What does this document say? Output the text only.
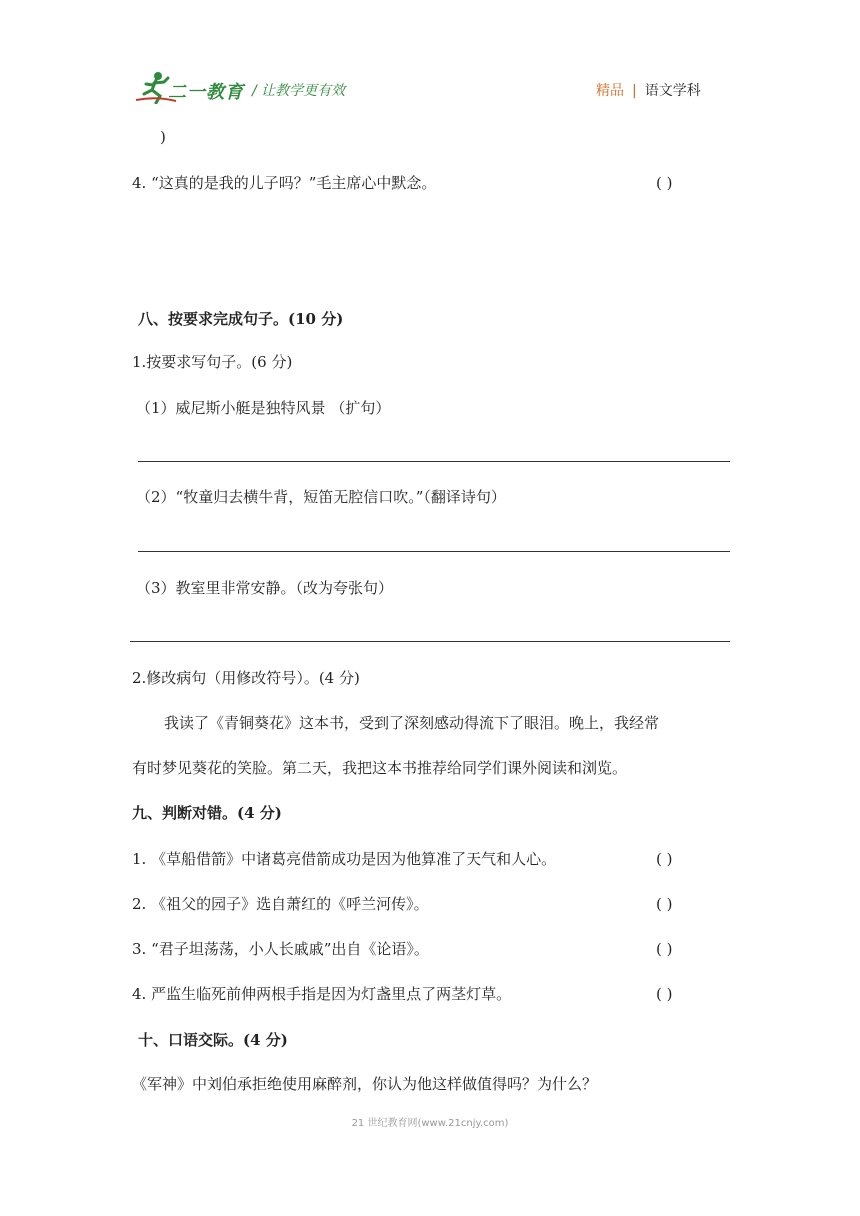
二一教育 / 让教学更有效	精品 | 语文学科
)
4. “这真的是我的儿子吗？”毛主席心中默念。	( )
八、按要求完成句子。(10 分)
1.按要求写句子。(6 分)
（1）威尼斯小艇是独特风景 （扩句）
（2）“牧童归去横牛背，短笛无腔信口吹。”（翻译诗句）
（3）教室里非常安静。（改为夸张句）
2.修改病句（用修改符号）。(4 分)
我读了《青铜葵花》这本书，受到了深刻感动得流下了眼泪。晚上，我经常
有时梦见葵花的笑脸。第二天，我把这本书推荐给同学们课外阅读和浏览。
九、判断对错。(4 分)
1. 《草船借箭》中诸葛亮借箭成功是因为他算准了天气和人心。	( )
2. 《祖父的园子》选自萧红的《呼兰河传》。	( )
3. “君子坦荡荡，小人长戚戚”出自《论语》。	( )
4. 严监生临死前伸两根手指是因为灯盏里点了两茎灯草。	( )
十、口语交际。(4 分)
《军神》中刘伯承拒绝使用麻醉剂，你认为他这样做值得吗？为什么？
21 世纪教育网(www.21cnjy.com)
